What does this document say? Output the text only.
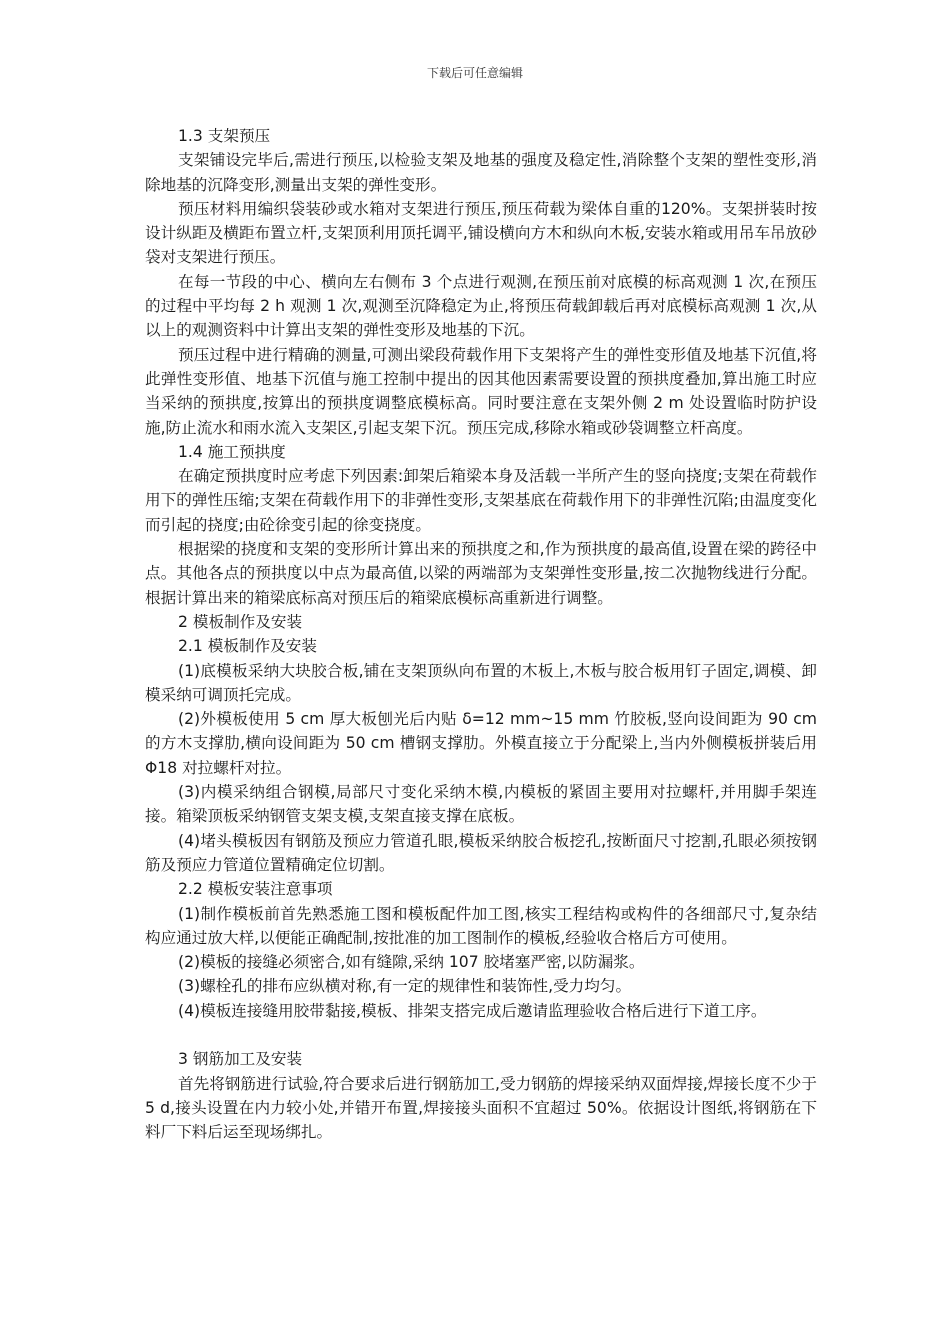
下载后可任意编辑

1.3 支架预压

支架铺设完毕后,需进行预压,以检验支架及地基的强度及稳定性,消除整个支架的塑性变形,消除地基的沉降变形,测量出支架的弹性变形。

预压材料用编织袋装砂或水箱对支架进行预压,预压荷载为梁体自重的120%。支架拼装时按设计纵距及横距布置立杆,支架顶利用顶托调平,铺设横向方木和纵向木板,安装水箱或用吊车吊放砂袋对支架进行预压。

在每一节段的中心、横向左右侧布 3 个点进行观测,在预压前对底模的标高观测 1 次,在预压的过程中平均每 2 h 观测 1 次,观测至沉降稳定为止,将预压荷载卸载后再对底模标高观测 1 次,从以上的观测资料中计算出支架的弹性变形及地基的下沉。

预压过程中进行精确的测量,可测出梁段荷载作用下支架将产生的弹性变形值及地基下沉值,将此弹性变形值、地基下沉值与施工控制中提出的因其他因素需要设置的预拱度叠加,算出施工时应当采纳的预拱度,按算出的预拱度调整底模标高。同时要注意在支架外侧 2 m 处设置临时防护设施,防止流水和雨水流入支架区,引起支架下沉。预压完成,移除水箱或砂袋调整立杆高度。

1.4 施工预拱度

在确定预拱度时应考虑下列因素:卸架后箱梁本身及活载一半所产生的竖向挠度;支架在荷载作用下的弹性压缩;支架在荷载作用下的非弹性变形,支架基底在荷载作用下的非弹性沉陷;由温度变化而引起的挠度;由砼徐变引起的徐变挠度。

根据梁的挠度和支架的变形所计算出来的预拱度之和,作为预拱度的最高值,设置在梁的跨径中点。其他各点的预拱度以中点为最高值,以梁的两端部为支架弹性变形量,按二次抛物线进行分配。根据计算出来的箱梁底标高对预压后的箱梁底模标高重新进行调整。

2 模板制作及安装

2.1 模板制作及安装

(1)底模板采纳大块胶合板,铺在支架顶纵向布置的木板上,木板与胶合板用钉子固定,调模、卸模采纳可调顶托完成。

(2)外模板使用 5 cm 厚大板刨光后内贴 δ=12 mm~15 mm 竹胶板,竖向设间距为 90 cm 的方木支撑肋,横向设间距为 50 cm 槽钢支撑肋。外模直接立于分配梁上,当内外侧模板拼装后用 Φ18 对拉螺杆对拉。

(3)内模采纳组合钢模,局部尺寸变化采纳木模,内模板的紧固主要用对拉螺杆,并用脚手架连接。箱梁顶板采纳钢管支架支模,支架直接支撑在底板。

(4)堵头模板因有钢筋及预应力管道孔眼,模板采纳胶合板挖孔,按断面尺寸挖割,孔眼必须按钢筋及预应力管道位置精确定位切割。

2.2 模板安装注意事项

(1)制作模板前首先熟悉施工图和模板配件加工图,核实工程结构或构件的各细部尺寸,复杂结构应通过放大样,以便能正确配制,按批准的加工图制作的模板,经验收合格后方可使用。

(2)模板的接缝必须密合,如有缝隙,采纳 107 胶堵塞严密,以防漏浆。

(3)螺栓孔的排布应纵横对称,有一定的规律性和装饰性,受力均匀。

(4)模板连接缝用胶带黏接,模板、排架支搭完成后邀请监理验收合格后进行下道工序。

3 钢筋加工及安装

首先将钢筋进行试验,符合要求后进行钢筋加工,受力钢筋的焊接采纳双面焊接,焊接长度不少于 5 d,接头设置在内力较小处,并错开布置,焊接接头面积不宜超过 50%。依据设计图纸,将钢筋在下料厂下料后运至现场绑扎。
